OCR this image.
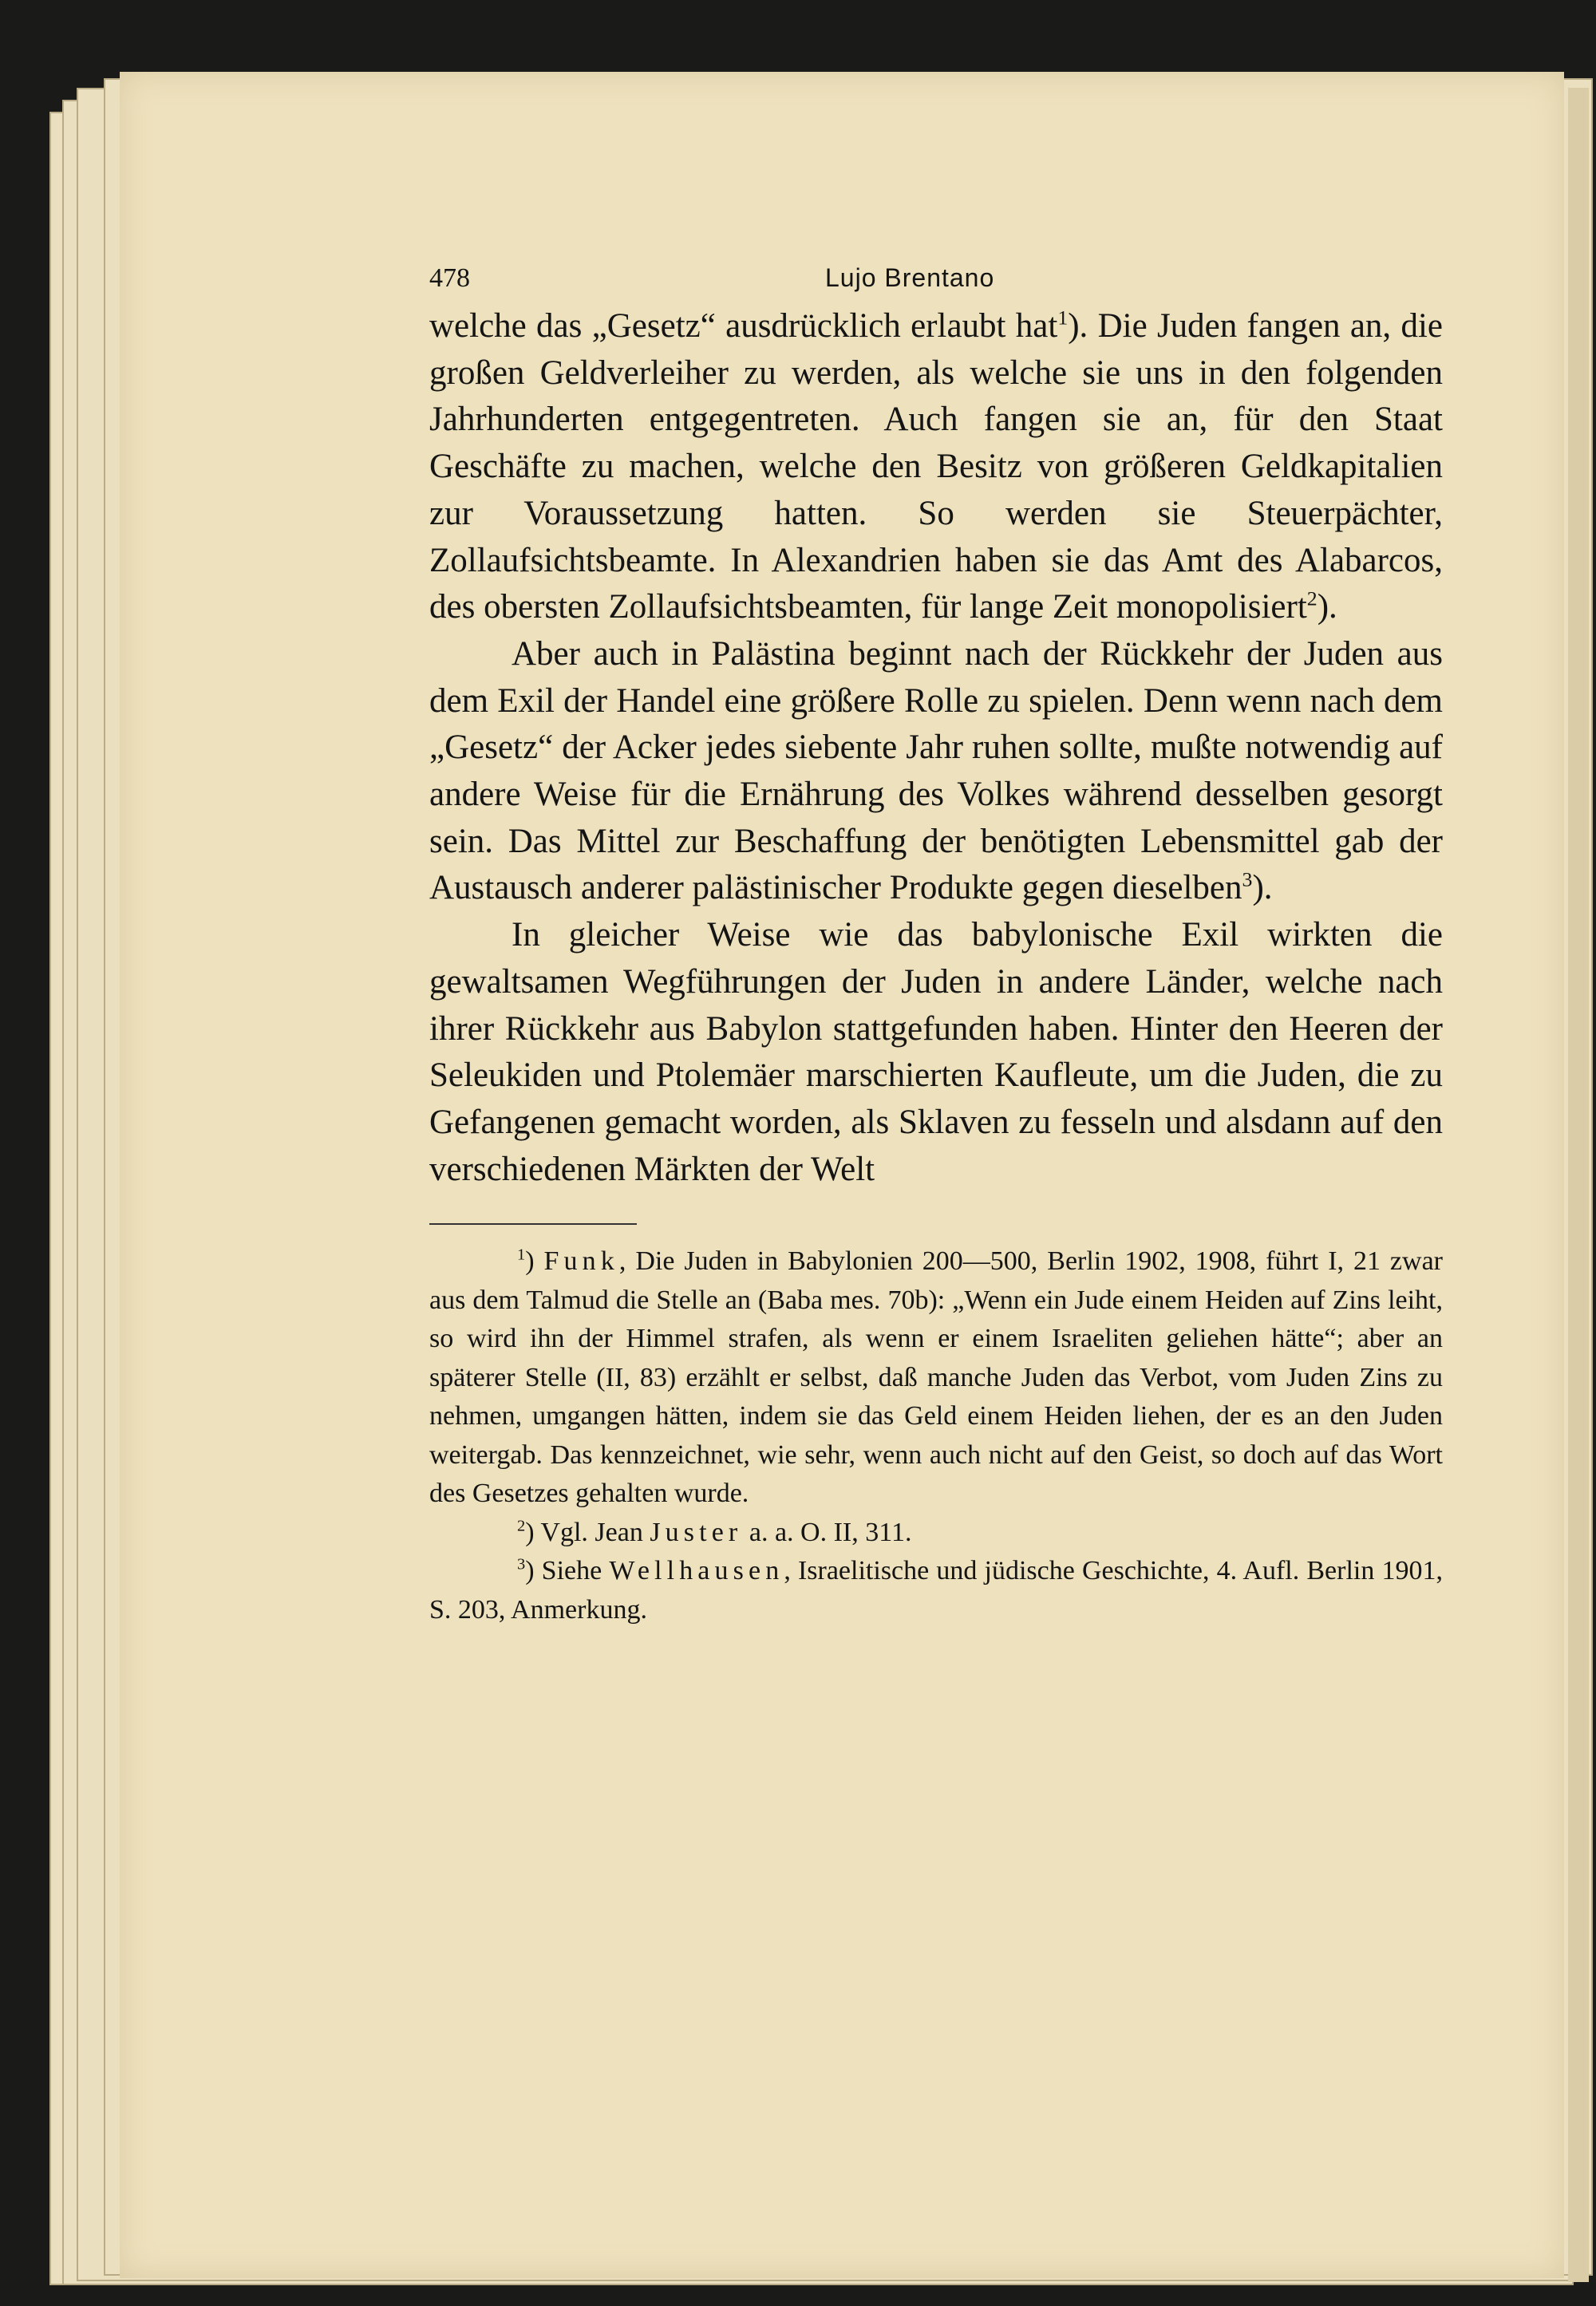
478	Lujo Brentano

welche das „Gesetz“ ausdrücklich erlaubt hat$^1$). Die Juden fangen an, die großen Geldverleiher zu werden, als welche sie uns in den folgenden Jahrhunderten entgegentreten. Auch fangen sie an, für den Staat Geschäfte zu machen, welche den Besitz von größeren Geldkapitalien zur Voraussetzung hatten. So werden sie Steuerpächter, Zollaufsichtsbeamte. In Alexandrien haben sie das Amt des Alabarcos, des obersten Zollaufsichtsbeamten, für lange Zeit monopolisiert$^2$).

Aber auch in Palästina beginnt nach der Rückkehr der Juden aus dem Exil der Handel eine größere Rolle zu spielen. Denn wenn nach dem „Gesetz“ der Acker jedes siebente Jahr ruhen sollte, mußte notwendig auf andere Weise für die Ernährung des Volkes während desselben gesorgt sein. Das Mittel zur Beschaffung der benötigten Lebensmittel gab der Austausch anderer palästinischer Produkte gegen dieselben$^3$).

In gleicher Weise wie das babylonische Exil wirkten die gewaltsamen Wegführungen der Juden in andere Länder, welche nach ihrer Rückkehr aus Babylon stattgefunden haben. Hinter den Heeren der Seleukiden und Ptolemäer marschierten Kaufleute, um die Juden, die zu Gefangenen gemacht worden, als Sklaven zu fesseln und alsdann auf den verschiedenen Märkten der Welt

$^1$) Funk, Die Juden in Babylonien 200—500, Berlin 1902, 1908, führt I, 21 zwar aus dem Talmud die Stelle an (Baba mes. 70b): „Wenn ein Jude einem Heiden auf Zins leiht, so wird ihn der Himmel strafen, als wenn er einem Israeliten geliehen hätte“; aber an späterer Stelle (II, 83) erzählt er selbst, daß manche Juden das Verbot, vom Juden Zins zu nehmen, umgangen hätten, indem sie das Geld einem Heiden liehen, der es an den Juden weitergab. Das kennzeichnet, wie sehr, wenn auch nicht auf den Geist, so doch auf das Wort des Gesetzes gehalten wurde.

$^2$) Vgl. Jean Juster a. a. O. II, 311.

$^3$) Siehe Wellhausen, Israelitische und jüdische Geschichte, 4. Aufl. Berlin 1901, S. 203, Anmerkung.
